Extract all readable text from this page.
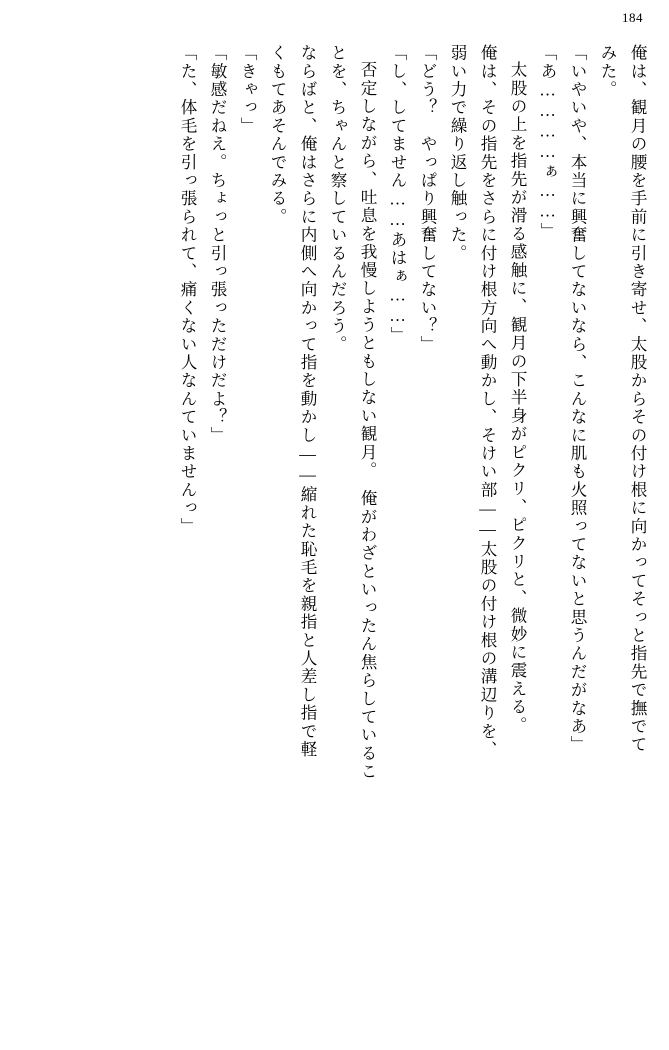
184
俺は、観月の腰を手前に引き寄せ、太股からその付け根に向かってそっと指先で撫でて
みた。
「いやいや、本当に興奮してないなら、こんなに肌も火照ってないと思うんだがなあ」
「あ…………ぁ……」
太股の上を指先が滑る感触に、観月の下半身がピクリ、ピクリと、微妙に震える。
俺は、その指先をさらに付け根方向へ動かし、そけい部――太股の付け根の溝辺りを、
弱い力で繰り返し触った。
「どう？　やっぱり興奮してない？」
「し、してません……あはぁ……」
否定しながら、吐息を我慢しようともしない観月。　俺がわざといったん焦らしているこ
とを、ちゃんと察しているんだろう。
ならばと、俺はさらに内側へ向かって指を動かし――縮れた恥毛を親指と人差し指で軽
くもてあそんでみる。
「きゃっ」
「敏感だねえ。ちょっと引っ張っただけだよ？」
「た、体毛を引っ張られて、痛くない人なんていませんっ」
